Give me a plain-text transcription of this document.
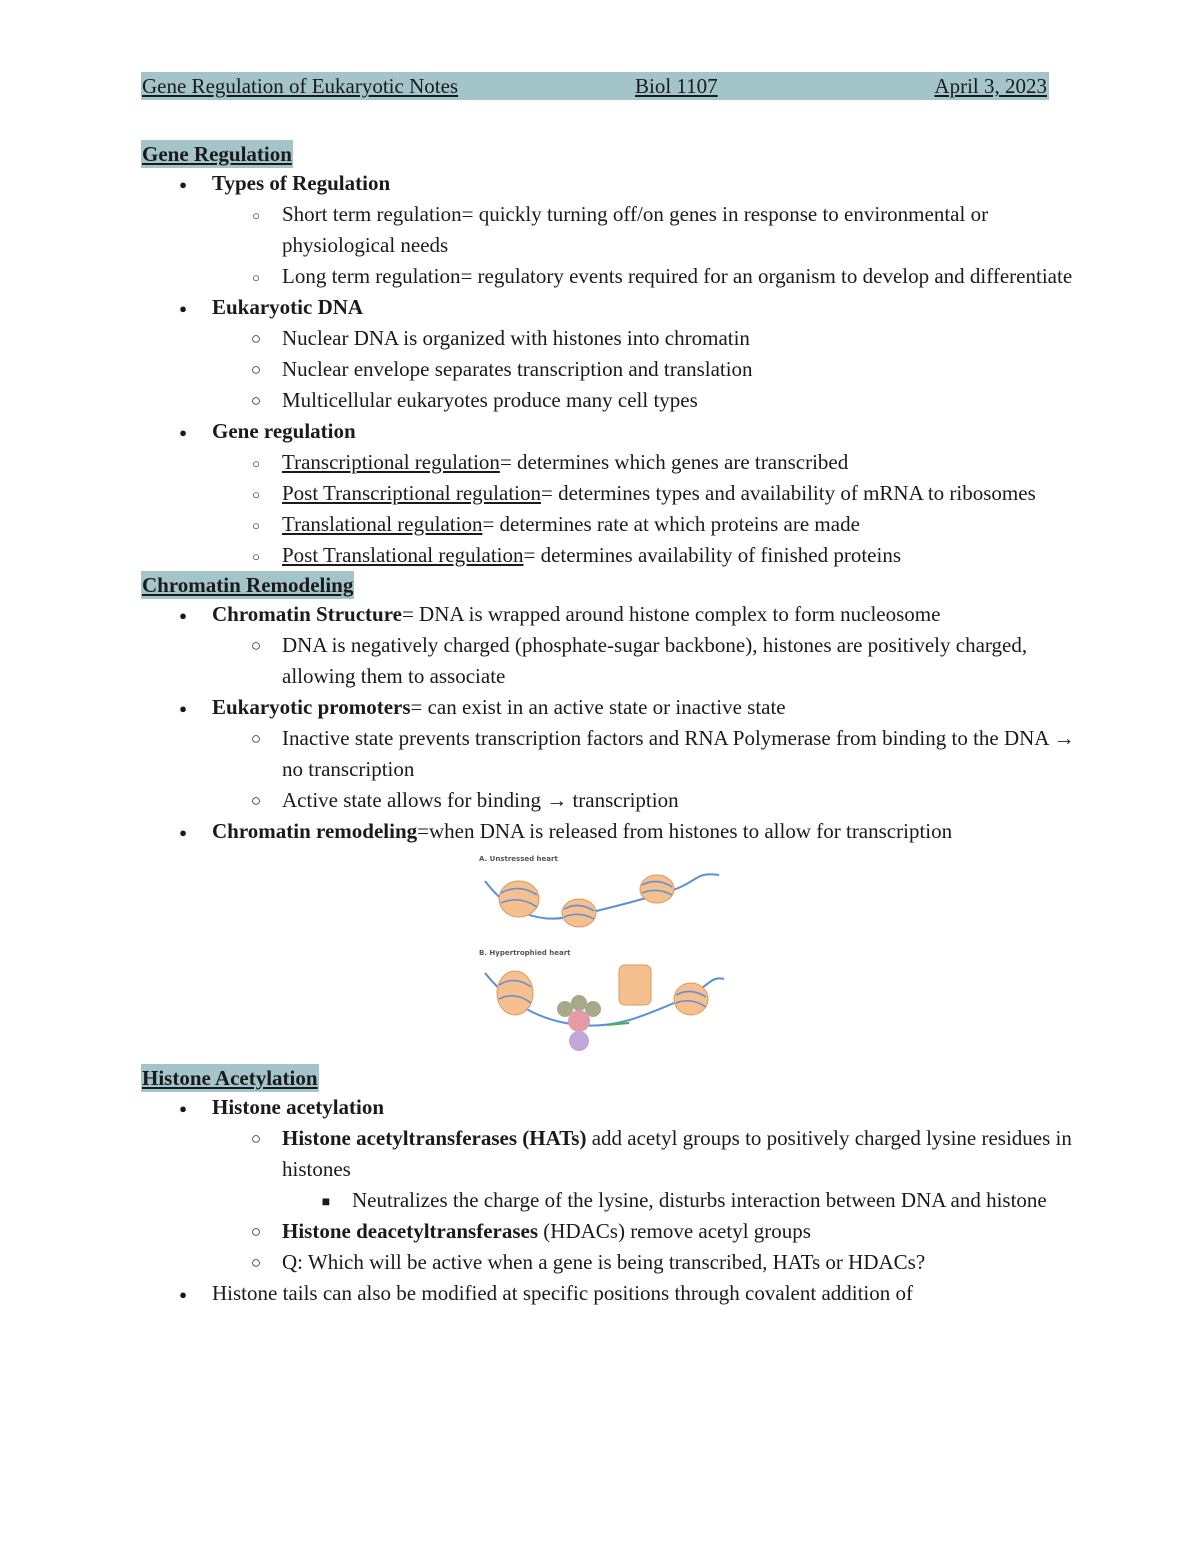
Gene Regulation of Eukaryotic Notes	Biol 1107	April 3, 2023
Gene Regulation
●
Types of Regulation
○
Short term regulation= quickly turning off/on genes in response to environmental or physiological needs
○
Long term regulation= regulatory events required for an organism to develop and differentiate
●
Eukaryotic DNA
○
Nuclear DNA is organized with histones into chromatin
○
Nuclear envelope separates transcription and translation
○
Multicellular eukaryotes produce many cell types
●
Gene regulation
○
Transcriptional regulation= determines which genes are transcribed
○
Post Transcriptional regulation= determines types and availability of mRNA to ribosomes
○
Translational regulation= determines rate at which proteins are made
○
Post Translational regulation= determines availability of finished proteins
Chromatin Remodeling
●
Chromatin Structure= DNA is wrapped around histone complex to form nucleosome
○
DNA is negatively charged (phosphate-sugar backbone), histones are positively charged, allowing them to associate
●
Eukaryotic promoters= can exist in an active state or inactive state
○
Inactive state prevents transcription factors and RNA Polymerase from binding to the DNA → no transcription
○
Active state allows for binding → transcription
●
Chromatin remodeling=when DNA is released from histones to allow for transcription
A. Unstressed heart
B. Hypertrophied heart
Histone Acetylation
●
Histone acetylation
○
Histone acetyltransferases (HATs) add acetyl groups to positively charged lysine residues in histones
■
Neutralizes the charge of the lysine, disturbs interaction between DNA and histone
○
Histone deacetyltransferases (HDACs) remove acetyl groups
○
Q: Which will be active when a gene is being transcribed, HATs or HDACs?
●
Histone tails can also be modified at specific positions through covalent addition of
